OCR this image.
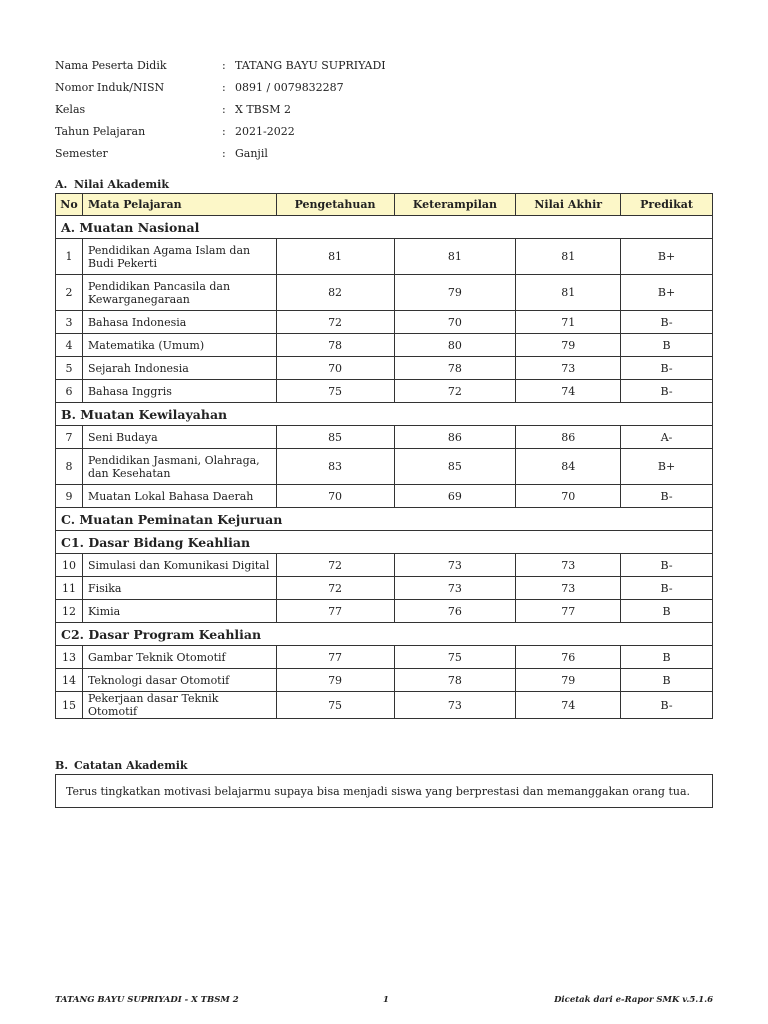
Nama Peserta Didik	: TATANG BAYU SUPRIYADI
Nomor Induk/NISN	: 0891 / 0079832287
Kelas	: X TBSM 2
Tahun Pelajaran	: 2021-2022
Semester	: Ganjil
A. Nilai Akademik
No	Mata Pelajaran	Pengetahuan	Keterampilan	Nilai Akhir	Predikat
A. Muatan Nasional					
1	Pendidikan Agama Islam dan Budi Pekerti	81	81	81	B+
2	Pendidikan Pancasila dan Kewarganegaraan	82	79	81	B+
3	Bahasa Indonesia	72	70	71	B-
4	Matematika (Umum)	78	80	79	B
5	Sejarah Indonesia	70	78	73	B-
6	Bahasa Inggris	75	72	74	B-
B. Muatan Kewilayahan					
7	Seni Budaya	85	86	86	A-
8	Pendidikan Jasmani, Olahraga, dan Kesehatan	83	85	84	B+
9	Muatan Lokal Bahasa Daerah	70	69	70	B-
C. Muatan Peminatan Kejuruan					
C1. Dasar Bidang Keahlian					
10	Simulasi dan Komunikasi Digital	72	73	73	B-
11	Fisika	72	73	73	B-
12	Kimia	77	76	77	B
C2. Dasar Program Keahlian					
13	Gambar Teknik Otomotif	77	75	76	B
14	Teknologi dasar Otomotif	79	78	79	B
15	Pekerjaan dasar Teknik Otomotif	75	73	74	B-
B. Catatan Akademik
Terus tingkatkan motivasi belajarmu supaya bisa menjadi siswa yang berprestasi dan memanggakan orang tua.
TATANG BAYU SUPRIYADI - X TBSM 2	1	Dicetak dari e-Rapor SMK v.5.1.6
